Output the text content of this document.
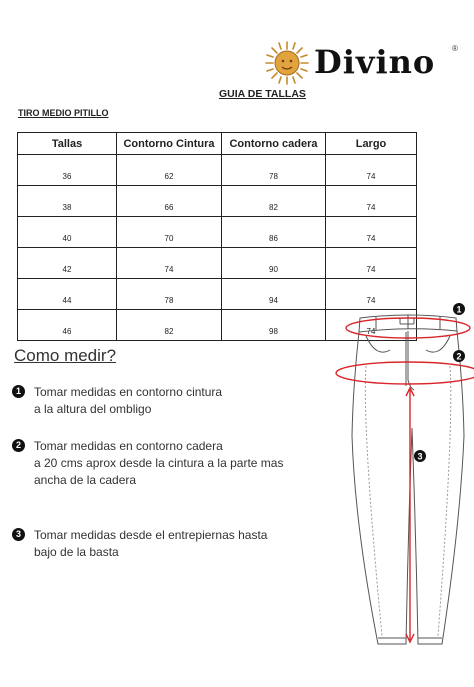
Divino ®
GUIA DE TALLAS
TIRO MEDIO PITILLO
Tallas	Contorno Cintura	Contorno cadera	Largo
36	62	78	74
38	66	82	74
40	70	86	74
42	74	90	74
44	78	94	74
46	82	98	74
Como medir?
1	Tomar medidas en contorno cintura
a la altura del ombligo
2	Tomar medidas en contorno cadera
a 20 cms aprox desde la cintura a la parte mas
ancha de la cadera
3	Tomar medidas desde el entrepiernas hasta
bajo de la basta
1
2
3
